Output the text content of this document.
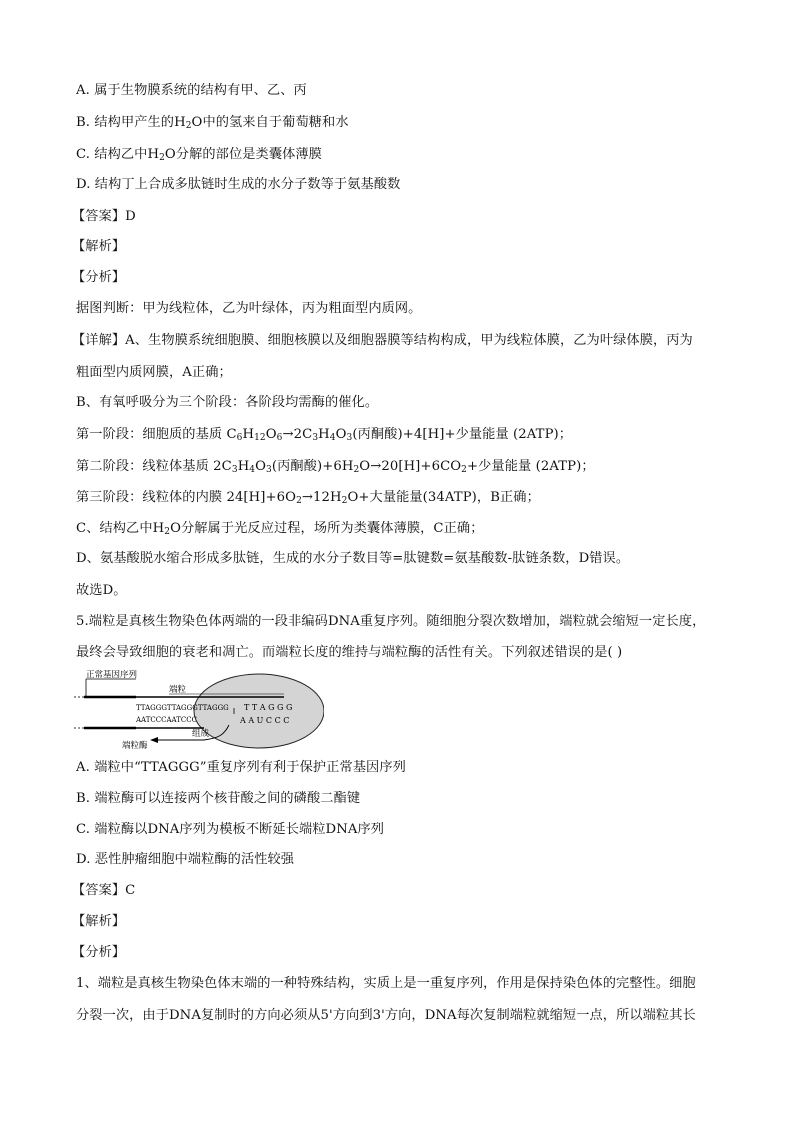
A. 属于生物膜系统的结构有甲、乙、丙
B. 结构甲产生的$H_2O$中的氢来自于葡萄糖和水
C. 结构乙中$H_2O$分解的部位是类囊体薄膜
D. 结构丁上合成多肽链时生成的水分子数等于氨基酸数
【答案】D
【解析】
【分析】
据图判断：甲为线粒体，乙为叶绿体，丙为粗面型内质网。
【详解】A、生物膜系统细胞膜、细胞核膜以及细胞器膜等结构构成，甲为线粒体膜，乙为叶绿体膜，丙为
粗面型内质网膜，A正确；
B、有氧呼吸分为三个阶段：各阶段均需酶的催化。
第一阶段：细胞质的基质 $C_6H_{12}O_6\to 2C_3H_4O_3$(丙酮酸)+4[H]+少量能量 (2ATP)；
第二阶段：线粒体基质 $2C_3H_4O_3$(丙酮酸)$+6H_2O\to 20[H]+6CO_2+$少量能量 (2ATP)；
第三阶段：线粒体的内膜 $24[H]+6O_2\to 12H_2O+$大量能量(34ATP)，B正确；
C、结构乙中$H_2O$分解属于光反应过程，场所为类囊体薄膜，C正确；
D、氨基酸脱水缩合形成多肽链，生成的水分子数目等=肽键数=氨基酸数-肽链条数，D错误。
故选D。
5.端粒是真核生物染色体两端的一段非编码DNA重复序列。随细胞分裂次数增加，端粒就会缩短一定长度，
最终会导致细胞的衰老和凋亡。而端粒长度的维持与端粒酶的活性有关。下列叙述错误的是( )
正常基因序列
端粒
TTAGGGTTAGGGTTAGGG
AATCCCAATCCC
T T A G G G
A A U C C C
组成
端粒酶
A. 端粒中“TTAGGG”重复序列有利于保护正常基因序列
B. 端粒酶可以连接两个核苷酸之间的磷酸二酯键
C. 端粒酶以DNA序列为模板不断延长端粒DNA序列
D. 恶性肿瘤细胞中端粒酶的活性较强
【答案】C
【解析】
【分析】
1、端粒是真核生物染色体末端的一种特殊结构，实质上是一重复序列，作用是保持染色体的完整性。细胞
分裂一次，由于DNA复制时的方向必须从5'方向到3'方向，DNA每次复制端粒就缩短一点，所以端粒其长
